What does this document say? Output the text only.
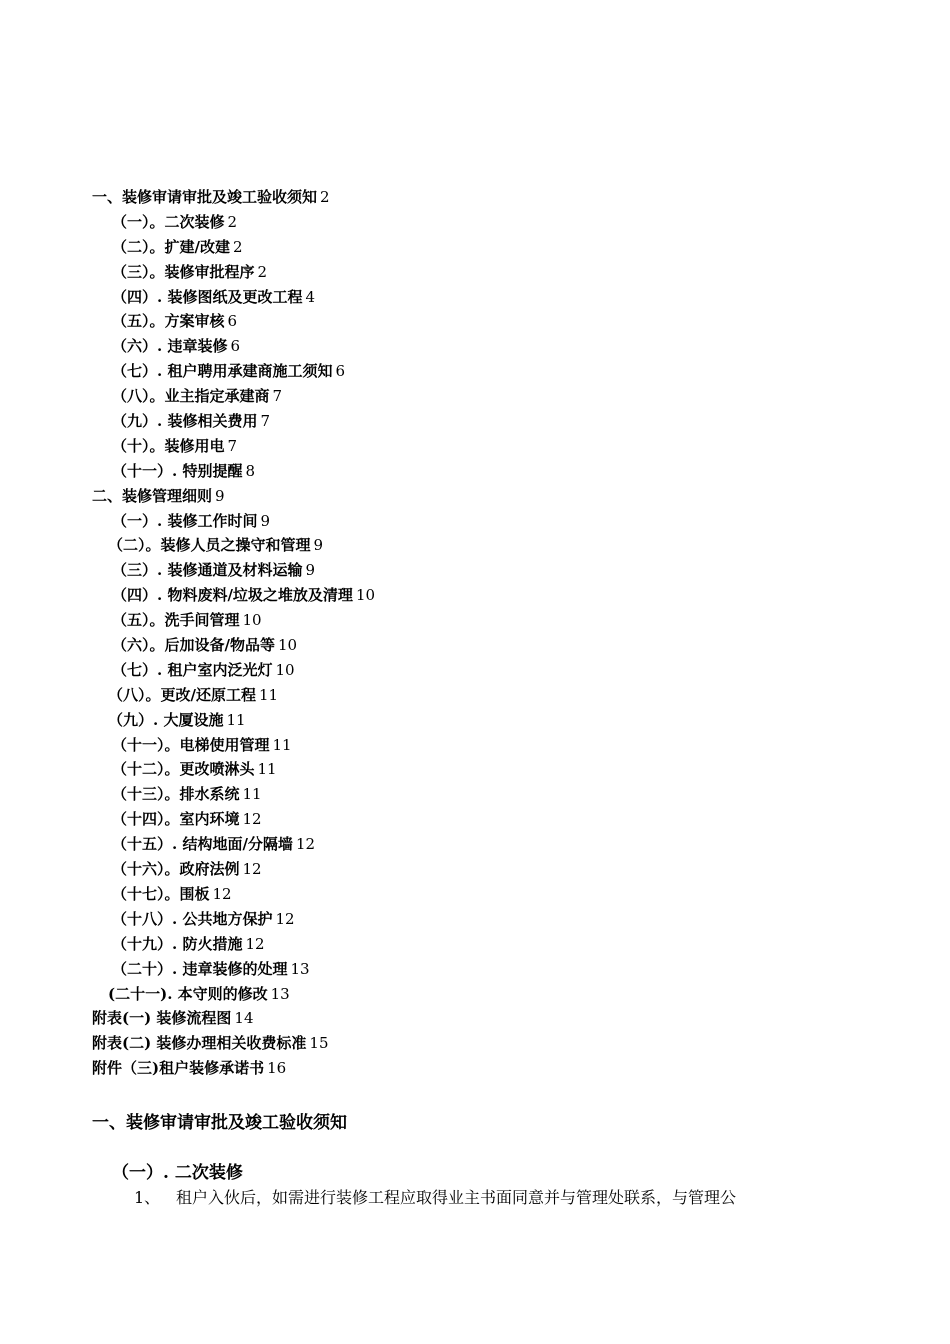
一、装修审请审批及竣工验收须知 2
（一）。二次装修 2
（二）。扩建/改建 2
（三）。装修审批程序 2
（四）. 装修图纸及更改工程 4
（五）。方案审核 6
（六）. 违章装修 6
（七）. 租户聘用承建商施工须知 6
（八）。业主指定承建商 7
（九）. 装修相关费用 7
（十）。装修用电 7
（十一）. 特别提醒 8
二、装修管理细则 9
（一）. 装修工作时间 9
（二）。装修人员之操守和管理 9
（三）. 装修通道及材料运输 9
（四）. 物料废料/垃圾之堆放及清理 10
（五）。洗手间管理 10
（六）。后加设备/物品等 10
（七）. 租户室内泛光灯 10
（八）。更改/还原工程 11
（九）. 大厦设施 11
（十一）。电梯使用管理 11
（十二）。更改喷淋头 11
（十三）。排水系统 11
（十四）。室内环境 12
（十五）. 结构地面/分隔墙 12
（十六）。政府法例 12
（十七）。围板 12
（十八）. 公共地方保护 12
（十九）. 防火措施 12
（二十）. 违章装修的处理 13
(二十一). 本守则的修改 13
附表(一) 装修流程图 14
附表(二) 装修办理相关收费标准 15
附件（三)租户装修承诺书 16
一、装修审请审批及竣工验收须知
（一）. 二次装修
1、 租户入伙后，如需进行装修工程应取得业主书面同意并与管理处联系，与管理公
